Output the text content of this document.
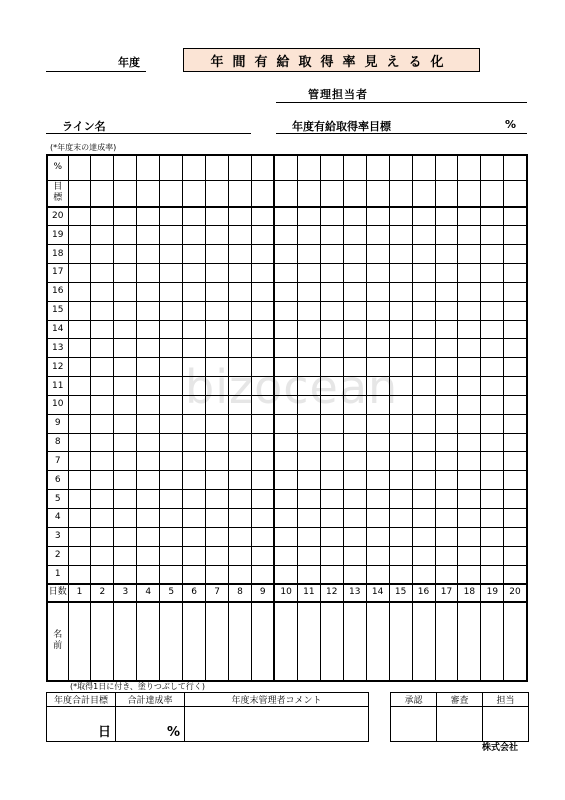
bizocean
年度	年間有給取得率見える化
管理担当者
ライン名	年度有給取得率目標	%
(*年度末の達成率)
%																				
目
標																				
20																				
19																				
18																				
17																				
16																				
15																				
14																				
13																				
12																				
11																				
10																				
9																				
8																				
7																				
6																				
5																				
4																				
3																				
2																				
1																				
日数	1	2	3	4	5	6	7	8	9	10	11	12	13	14	15	16	17	18	19	20
名
前																				
(*取得1日に付き、塗りつぶして行く)
年度合計目標	合計達成率	年度末管理者コメント
日	%	
承認	審査	担当

株式会社
